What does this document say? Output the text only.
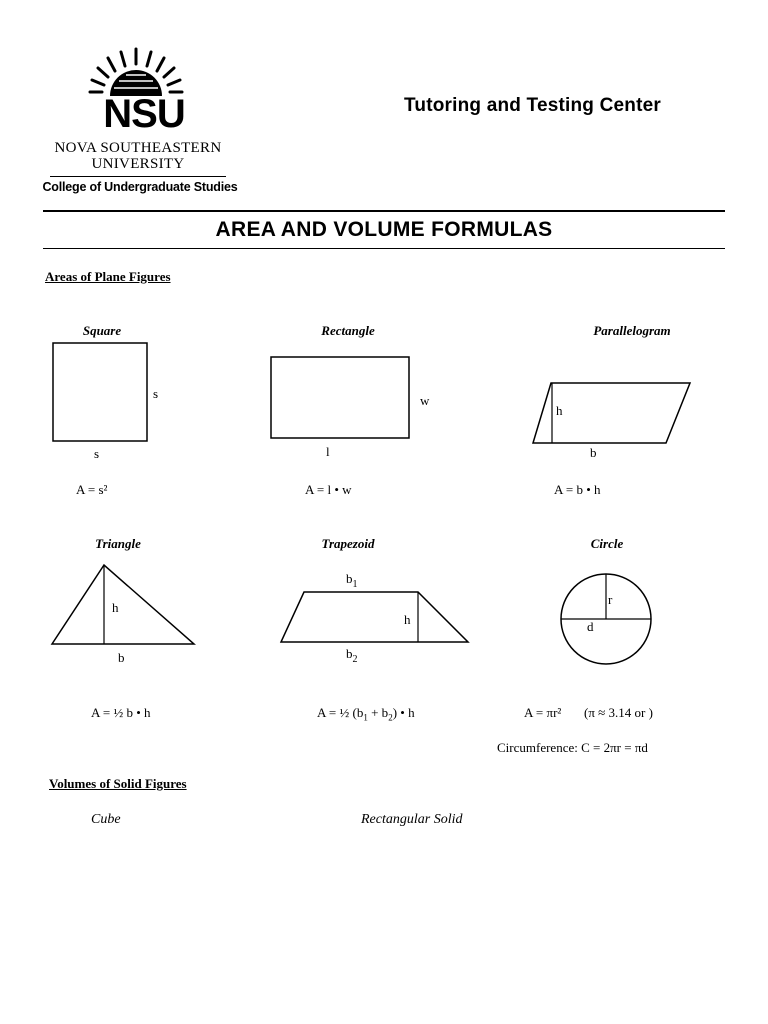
NSU
NOVA SOUTHEASTERN
UNIVERSITY
College of Undergraduate Studies
Tutoring and Testing Center
AREA AND VOLUME FORMULAS
Areas of Plane Figures
Square	Rectangle	Parallelogram
Triangle	Trapezoid	Circle
s
s
w
l
h
b
h
b
$b_1$
h
$b_2$
r
d
A = s²	A = l • w	A = b • h
A = ½ b • h	A = ½ $(b_1 + b_2)$ • h	A = πr² (π ≈ 3.14 or )
Circumference: C = 2πr = πd
Volumes of Solid Figures
Cube	Rectangular Solid
